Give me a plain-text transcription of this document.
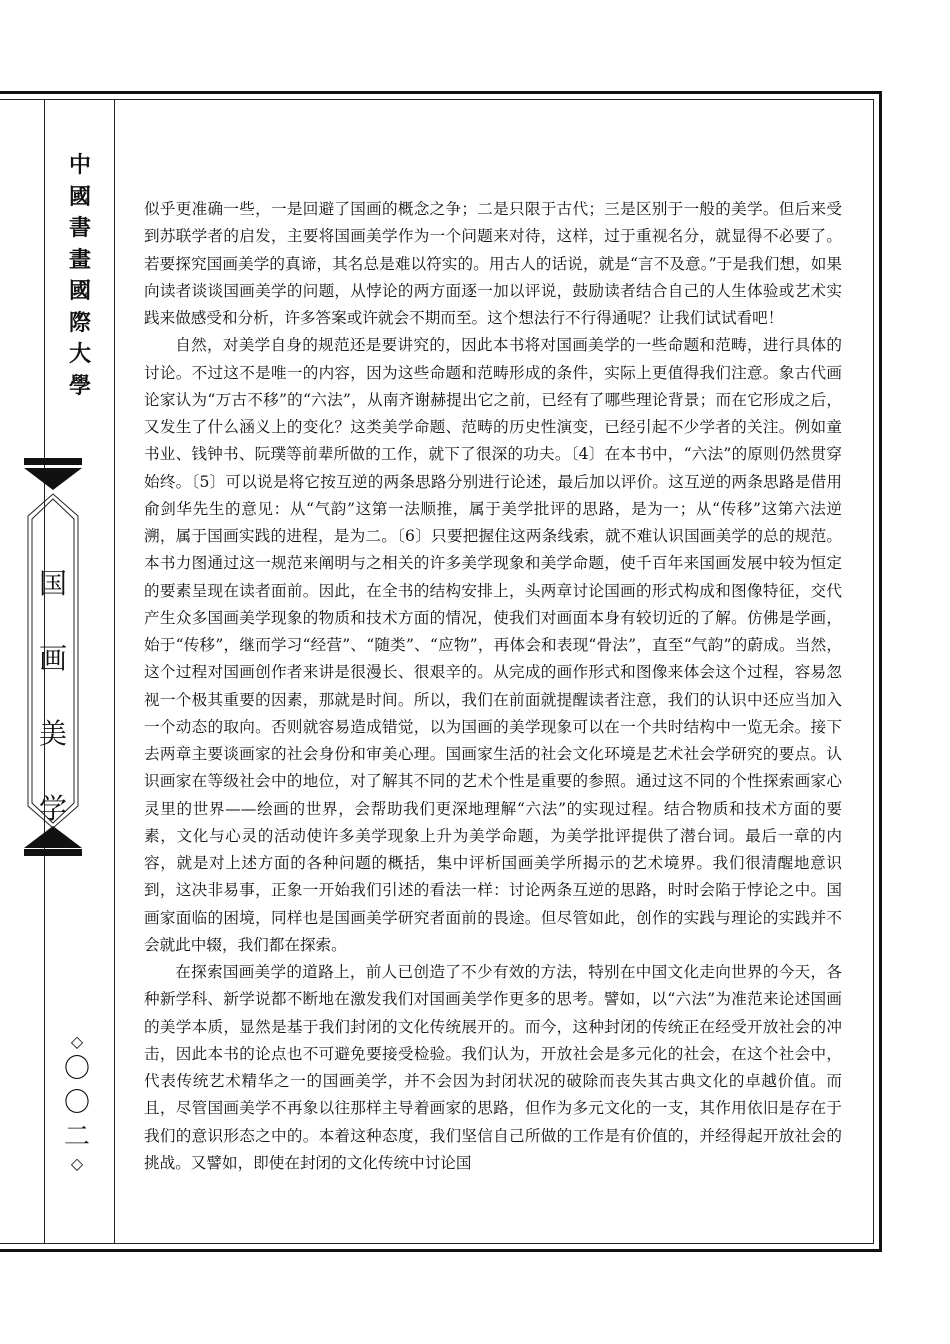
中
國
書
畫
國
際
大
學
国
画
美
学
◇
〇
〇
二
◇

似乎更准确一些，一是回避了国画的概念之争；二是只限于古代；三是区别于一般的美学。但后来受到苏联学者的启发，主要将国画美学作为一个问题来对待，这样，过于重视名分，就显得不必要了。若要探究国画美学的真谛，其名总是难以符实的。用古人的话说，就是“言不及意。”于是我们想，如果向读者谈谈国画美学的问题，从悖论的两方面逐一加以评说，鼓励读者结合自己的人生体验或艺术实践来做感受和分析，许多答案或许就会不期而至。这个想法行不行得通呢？让我们试试看吧！

自然，对美学自身的规范还是要讲究的，因此本书将对国画美学的一些命题和范畴，进行具体的讨论。不过这不是唯一的内容，因为这些命题和范畴形成的条件，实际上更值得我们注意。象古代画论家认为“万古不移”的“六法”，从南齐谢赫提出它之前，已经有了哪些理论背景；而在它形成之后，又发生了什么涵义上的变化？这类美学命题、范畴的历史性演变，已经引起不少学者的关注。例如童书业、钱钟书、阮璞等前辈所做的工作，就下了很深的功夫。〔4〕在本书中，“六法”的原则仍然贯穿始终。〔5〕可以说是将它按互逆的两条思路分别进行论述，最后加以评价。这互逆的两条思路是借用俞剑华先生的意见：从“气韵”这第一法顺推，属于美学批评的思路，是为一；从“传移”这第六法逆溯，属于国画实践的进程，是为二。〔6〕只要把握住这两条线索，就不难认识国画美学的总的规范。本书力图通过这一规范来阐明与之相关的许多美学现象和美学命题，使千百年来国画发展中较为恒定的要素呈现在读者面前。因此，在全书的结构安排上，头两章讨论国画的形式构成和图像特征，交代产生众多国画美学现象的物质和技术方面的情况，使我们对画面本身有较切近的了解。仿佛是学画，始于“传移”，继而学习“经营”、“随类”、“应物”，再体会和表现“骨法”，直至“气韵”的蔚成。当然，这个过程对国画创作者来讲是很漫长、很艰辛的。从完成的画作形式和图像来体会这个过程，容易忽视一个极其重要的因素，那就是时间。所以，我们在前面就提醒读者注意，我们的认识中还应当加入一个动态的取向。否则就容易造成错觉，以为国画的美学现象可以在一个共时结构中一览无余。接下去两章主要谈画家的社会身份和审美心理。国画家生活的社会文化环境是艺术社会学研究的要点。认识画家在等级社会中的地位，对了解其不同的艺术个性是重要的参照。通过这不同的个性探索画家心灵里的世界——绘画的世界，会帮助我们更深地理解“六法”的实现过程。结合物质和技术方面的要素，文化与心灵的活动使许多美学现象上升为美学命题，为美学批评提供了潜台词。最后一章的内容，就是对上述方面的各种问题的概括，集中评析国画美学所揭示的艺术境界。我们很清醒地意识到，这决非易事，正象一开始我们引述的看法一样：讨论两条互逆的思路，时时会陷于悖论之中。国画家面临的困境，同样也是国画美学研究者面前的畏途。但尽管如此，创作的实践与理论的实践并不会就此中辍，我们都在探索。

在探索国画美学的道路上，前人已创造了不少有效的方法，特别在中国文化走向世界的今天，各种新学科、新学说都不断地在激发我们对国画美学作更多的思考。譬如，以“六法”为准范来论述国画的美学本质，显然是基于我们封闭的文化传统展开的。而今，这种封闭的传统正在经受开放社会的冲击，因此本书的论点也不可避免要接受检验。我们认为，开放社会是多元化的社会，在这个社会中，代表传统艺术精华之一的国画美学，并不会因为封闭状况的破除而丧失其古典文化的卓越价值。而且，尽管国画美学不再象以往那样主导着画家的思路，但作为多元文化的一支，其作用依旧是存在于我们的意识形态之中的。本着这种态度，我们坚信自己所做的工作是有价值的，并经得起开放社会的挑战。又譬如，即使在封闭的文化传统中讨论国
